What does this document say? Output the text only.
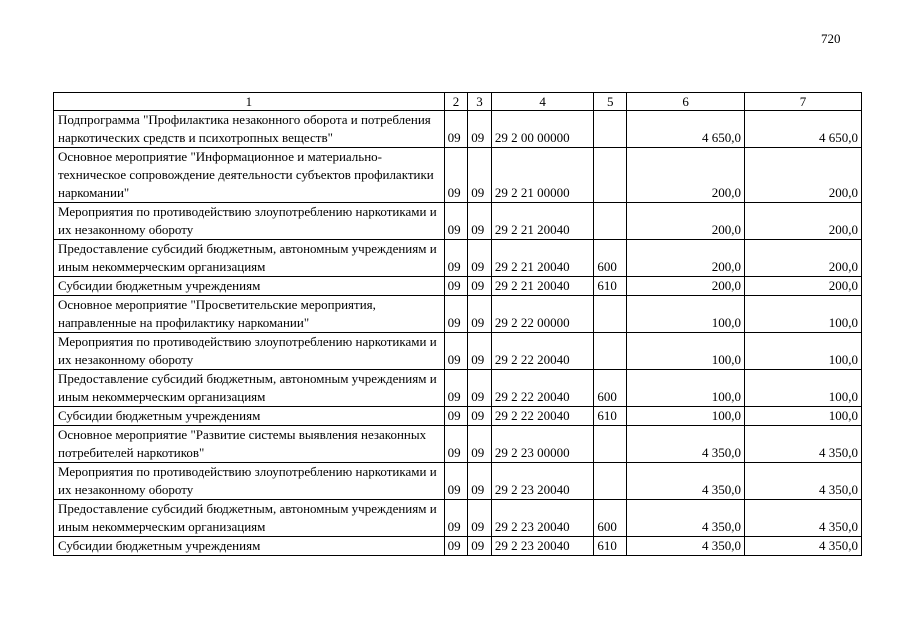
720
1	2	3	4	5	6	7
Подпрограмма "Профилактика незаконного оборота и потребления наркотических средств и психотропных веществ"	09	09	29 2 00 00000		4 650,0	4 650,0
Основное мероприятие "Информационное и материально-техническое сопровождение деятельности субъектов профилактики наркомании"	09	09	29 2 21 00000		200,0	200,0
Мероприятия по противодействию злоупотреблению наркотиками и их незаконному обороту	09	09	29 2 21 20040		200,0	200,0
Предоставление субсидий бюджетным, автономным учреждениям и иным некоммерческим организациям	09	09	29 2 21 20040	600	200,0	200,0
Субсидии бюджетным учреждениям	09	09	29 2 21 20040	610	200,0	200,0
Основное мероприятие "Просветительские мероприятия, направленные на профилактику наркомании"	09	09	29 2 22 00000		100,0	100,0
Мероприятия по противодействию злоупотреблению наркотиками и их незаконному обороту	09	09	29 2 22 20040		100,0	100,0
Предоставление субсидий бюджетным, автономным учреждениям и иным некоммерческим организациям	09	09	29 2 22 20040	600	100,0	100,0
Субсидии бюджетным учреждениям	09	09	29 2 22 20040	610	100,0	100,0
Основное мероприятие "Развитие системы выявления незаконных потребителей наркотиков"	09	09	29 2 23 00000		4 350,0	4 350,0
Мероприятия по противодействию злоупотреблению наркотиками и их незаконному обороту	09	09	29 2 23 20040		4 350,0	4 350,0
Предоставление субсидий бюджетным, автономным учреждениям и иным некоммерческим организациям	09	09	29 2 23 20040	600	4 350,0	4 350,0
Субсидии бюджетным учреждениям	09	09	29 2 23 20040	610	4 350,0	4 350,0
